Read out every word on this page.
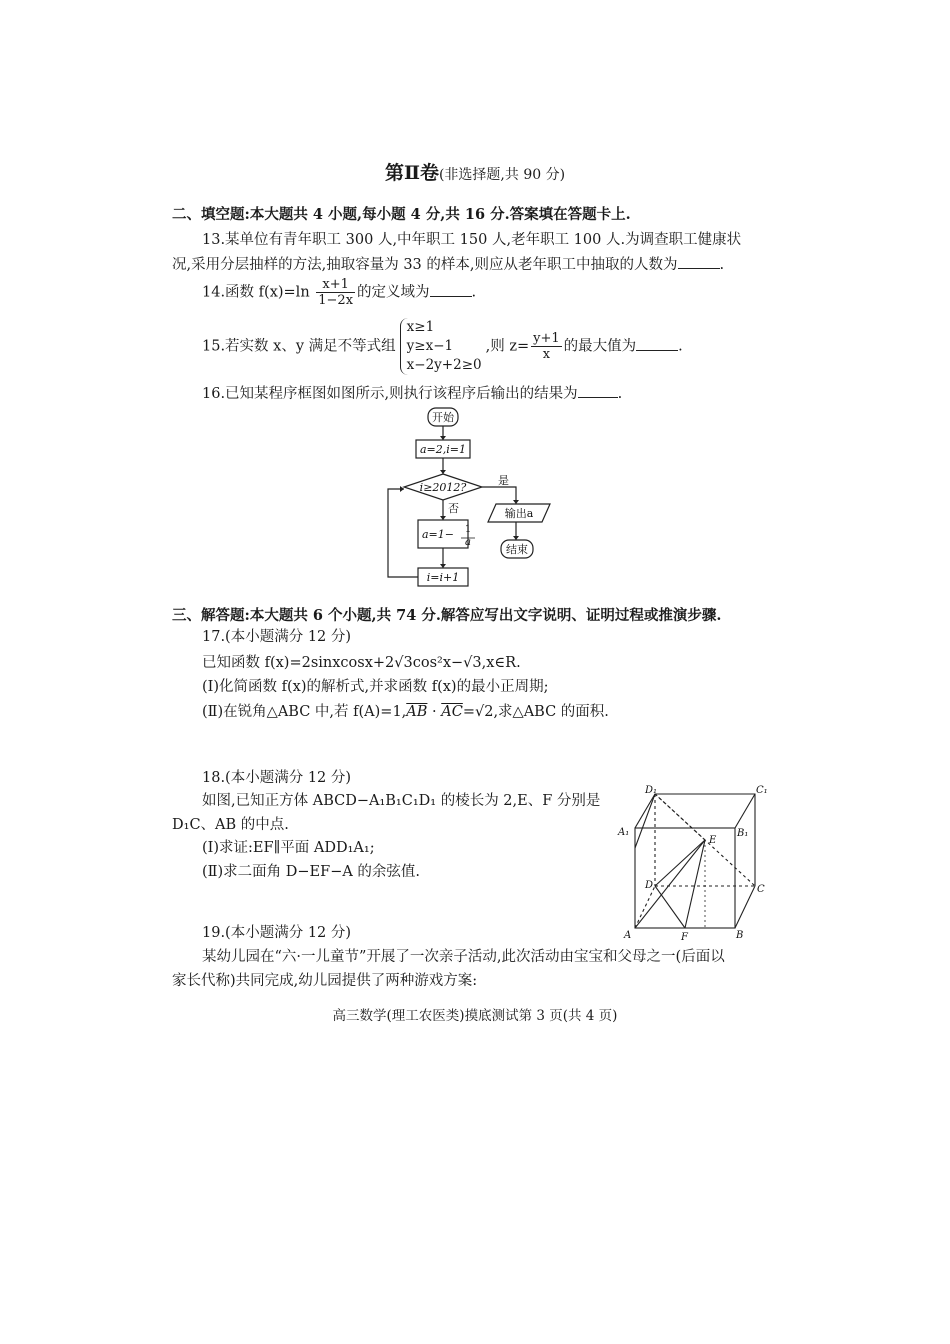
第Ⅱ卷(非选择题,共 90 分)
二、填空题:本大题共 4 小题,每小题 4 分,共 16 分.答案填在答题卡上.
13.某单位有青年职工 300 人,中年职工 150 人,老年职工 100 人.为调查职工健康状
况,采用分层抽样的方法,抽取容量为 33 的样本,则应从老年职工中抽取的人数为	.
14.函数 $f(x)=\ln \frac{x+1}{1-2x}$ 的定义域为	.
15.若实数 x、y 满足不等式组
x≥1
y≥x−1
x−2y+2≥0
,则 $z= \frac{y+1}{x}$ 的最大值为	.
16.已知某程序框图如图所示,则执行该程序后输出的结果为	.
开始
a=2,i=1
i≥2012?
是
否
a=1− 1
a
输出a
i=i+1
结束
三、解答题:本大题共 6 个小题,共 74 分.解答应写出文字说明、证明过程或推演步骤.
17.(本小题满分 12 分)
已知函数 f(x)=2sinxcosx+2√3cos²x−√3,x∈R.
(Ⅰ)化简函数 f(x)的解析式,并求函数 f(x)的最小正周期;
(Ⅱ)在锐角△ABC 中,若 $f(A)=1,\overline{AB} \cdot \overline{AC}=√2$,求△ABC 的面积.
18.(本小题满分 12 分)
如图,已知正方体 ABCD−A₁B₁C₁D₁ 的棱长为 2,E、F 分别是
D₁C、AB 的中点.
(Ⅰ)求证:EF∥平面 ADD₁A₁;
(Ⅱ)求二面角 D−EF−A 的余弦值.
D₁	C₁
A₁	B₁
E
D	C
A	F	B
19.(本小题满分 12 分)
某幼儿园在“六·一儿童节”开展了一次亲子活动,此次活动由宝宝和父母之一(后面以
家长代称)共同完成,幼儿园提供了两种游戏方案:
高三数学(理工农医类)摸底测试第 3 页(共 4 页)
